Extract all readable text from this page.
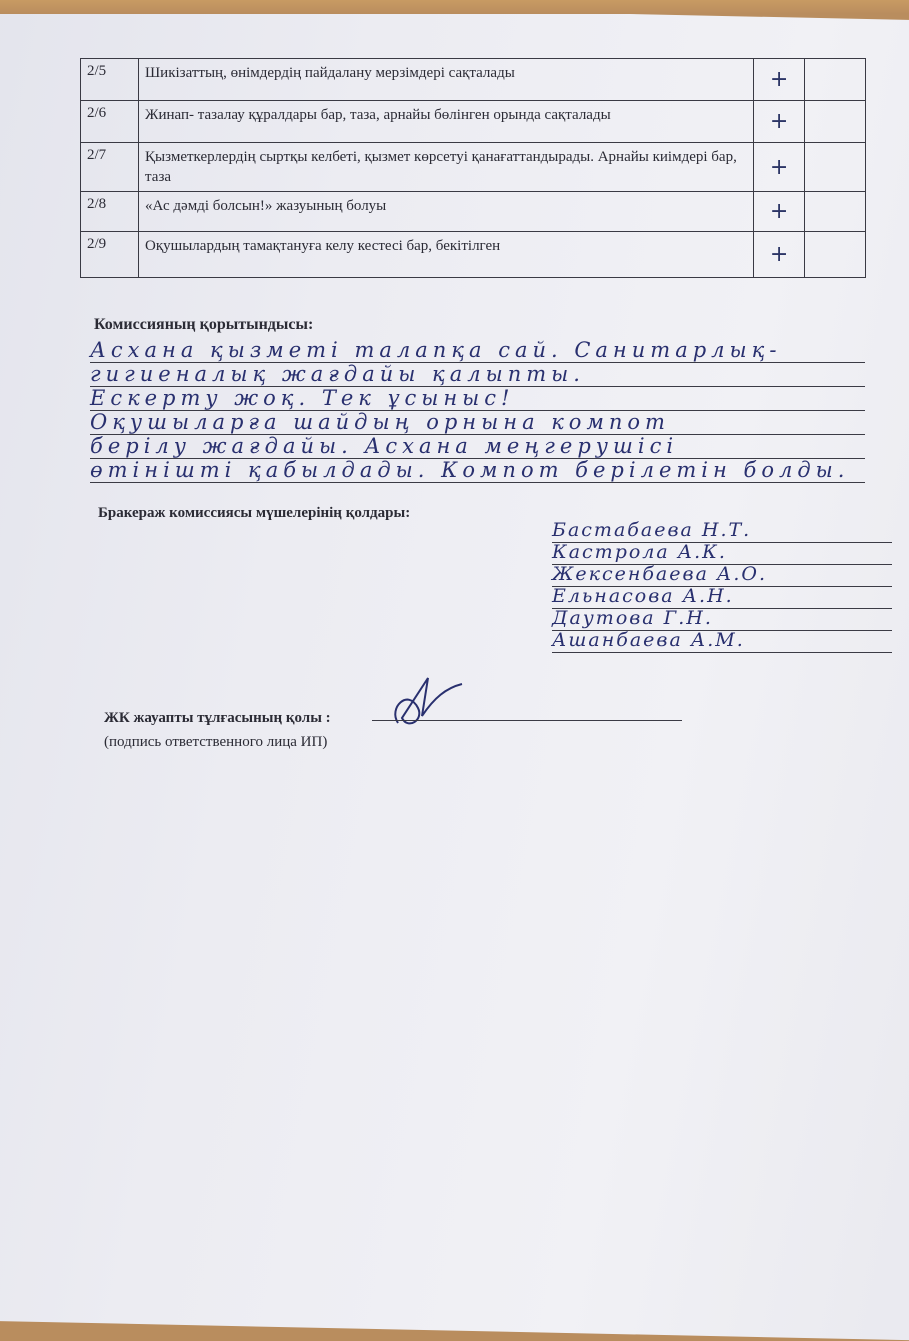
2/5	Шикізаттың, өнімдердің пайдалану мерзімдері сақталады	+	
2/6	Жинап- тазалау құралдары бар, таза, арнайы бөлінген орында сақталады	+	
2/7	Қызметкерлердің сыртқы келбеті, қызмет көрсетуі қанағаттандырады. Арнайы киімдері бар, таза	+	
2/8	«Ас дәмді болсын!» жазуының болуы	+	
2/9	Оқушылардың тамақтануға келу кестесі бар, бекітілген	+	
Комиссияның қорытындысы:
Асхана қызметі талапқа сай. Санитарлық-
гигиеналық жағдайы қалыпты.
Ескерту жоқ. Тек ұсыныс!
Оқушыларға шайдың орнына компот
берілу жағдайы. Асхана меңгерушісі
өтінішті қабылдады. Компот берілетін болды.
Бракераж комиссиясы мүшелерінің қолдары:
Бастабаева Н.Т.
Кастрола А.К.
Жексенбаева А.О.
Ельнасова А.Н.
Даутова Г.Н.
Ашанбаева А.М.
ЖК жауапты тұлғасының қолы :
(подпись ответственного лица ИП)
